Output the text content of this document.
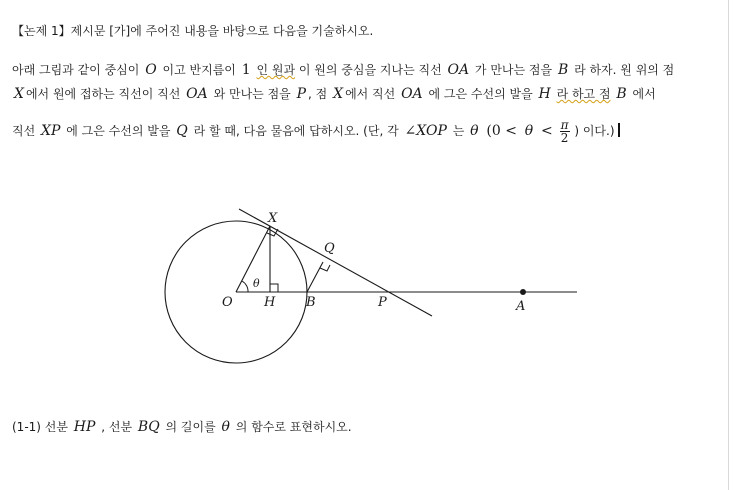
【논제 1】제시문 [가]에 주어진 내용을 바탕으로 다음을 기술하시오.
아래 그림과 같이 중심이 O 이고 반지름이 1 인 원과 이 원의 중심을 지나는 직선 OA 가 만나는 점을 B 라 하자. 원 위의 점
X 에서 원에 접하는 직선이 직선 OA 와 만나는 점을 P , 점 X 에서 직선 OA 에 그은 수선의 발을 H 라 하고 점 B 에서
직선 XP 에 그은 수선의 발을 Q 라 할 때, 다음 물음에 답하시오. (단, 각 ∠XOP 는 θ ($0 < \theta < \frac{\pi}{2}$ ) 이다.)
X
Q
O H B	P	A
θ
(1-1) 선분 HP , 선분 BQ 의 길이를 θ 의 함수로 표현하시오.
